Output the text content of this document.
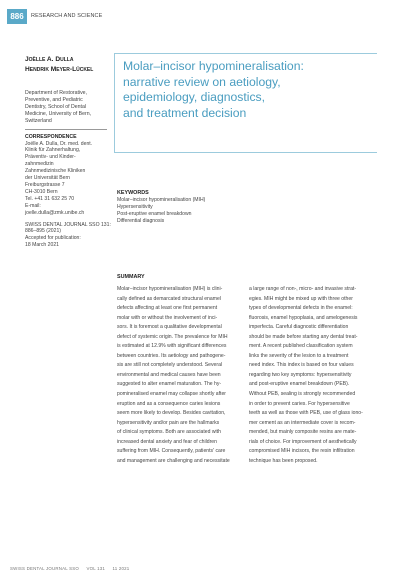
886	RESEARCH AND SCIENCE
Joëlle A. Dulla
Hendrik Meyer-Lückel
Department of Restorative,
Preventive, and Pediatric
Dentistry, School of Dental
Medicine, University of Bern,
Switzerland
CORRESPONDENCE
Joëlle A. Dulla, Dr. med. dent.
Klinik für Zahnerhaltung,
Präventiv- und Kinder-
zahnmedizin
Zahnmedizinische Kliniken
der Universität Bern
Freiburgstrasse 7
CH-3010 Bern
Tel. +41 31 632 25 70
E-mail:
joelle.dulla@zmk.unibe.ch
SWISS DENTAL JOURNAL SSO 131:
886–895 (2021)
Accepted for publication:
18 March 2021
Molar–incisor hypomineralisation:
narrative review on aetiology,
epidemiology, diagnostics,
and treatment decision
KEYWORDS
Molar–incisor hypomineralisation (MIH)
Hypersensitivity
Post-eruptive enamel breakdown
Differential diagnosis
SUMMARY
Molar–incisor hypomineralisation (MIH) is clini-
cally defined as demarcated structural enamel
defects affecting at least one first permanent
molar with or without the involvement of inci-
sors. It is foremost a qualitative developmental
defect of systemic origin. The prevalence for MIH
is estimated at 12.9% with significant differences
between countries. Its aetiology and pathogene-
sis are still not completely understood. Several
environmental and medical causes have been
suggested to alter enamel maturation. The hy-
pomineralised enamel may collapse shortly after
eruption and as a consequence caries lesions
seem more likely to develop. Besides cavitation,
hypersensitivity and/or pain are the hallmarks
of clinical symptoms. Both are associated with
increased dental anxiety and fear of children
suffering from MIH. Consequently, patients' care
and management are challenging and necessitate
a large range of non-, micro- and invasive strat-
egies. MIH might be mixed up with three other
types of developmental defects in the enamel:
fluorosis, enamel hypoplasia, and amelogenesis
imperfecta. Careful diagnostic differentiation
should be made before starting any dental treat-
ment. A recent published classification system
links the severity of the lesion to a treatment
need index. This index is based on four values
regarding two key symptoms: hypersensitivity
and post-eruptive enamel breakdown (PEB).
Without PEB, sealing is strongly recommended
in order to prevent caries. For hypersensitive
teeth as well as those with PEB, use of glass iono-
mer cement as an intermediate cover is recom-
mended, but mainly composite resins are mate-
rials of choice. For improvement of aesthetically
compromised MIH incisors, the resin infiltration
technique has been proposed.
SWISS DENTAL JOURNAL SSO VOL 131 11 2021
